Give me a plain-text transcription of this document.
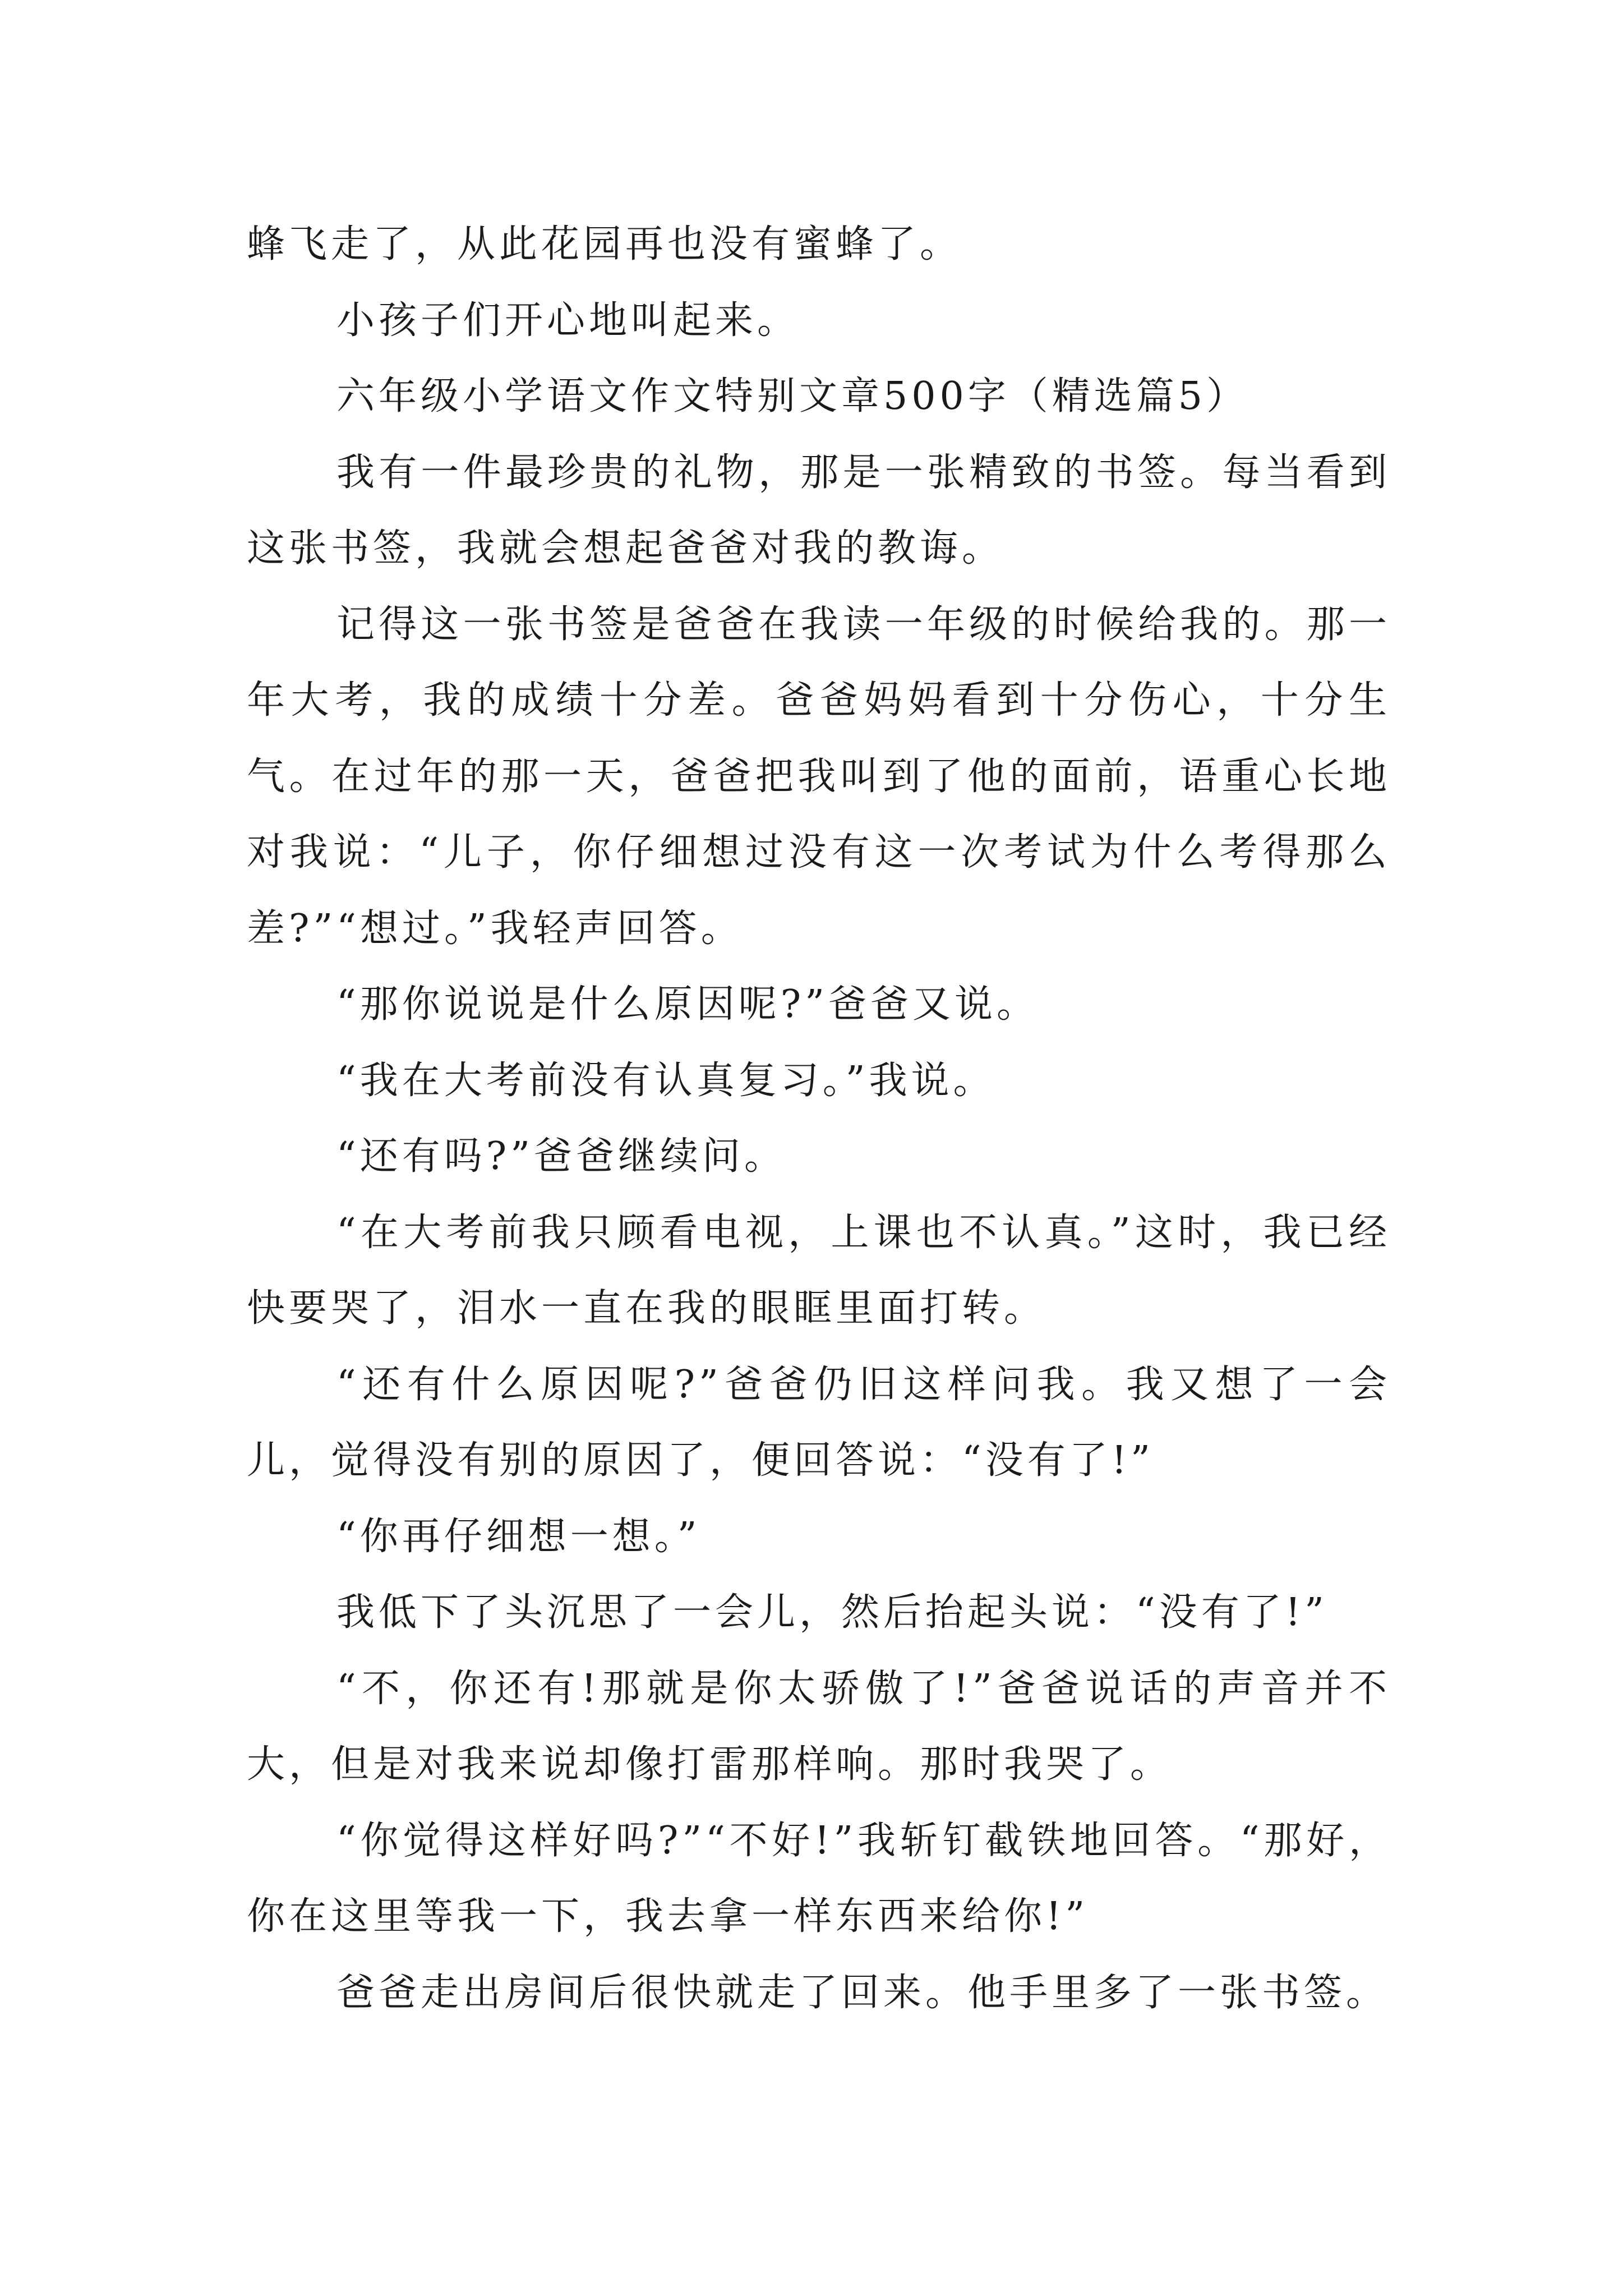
蜂飞走了，从此花园再也没有蜜蜂了。

小孩子们开心地叫起来。

六年级小学语文作文特别文章500字（精选篇5）

我有一件最珍贵的礼物，那是一张精致的书签。每当看到这张书签，我就会想起爸爸对我的教诲。

记得这一张书签是爸爸在我读一年级的时候给我的。那一年大考，我的成绩十分差。爸爸妈妈看到十分伤心，十分生气。在过年的那一天，爸爸把我叫到了他的面前，语重心长地对我说：“儿子，你仔细想过没有这一次考试为什么考得那么差?”“想过。”我轻声回答。

“那你说说是什么原因呢?”爸爸又说。

“我在大考前没有认真复习。”我说。

“还有吗?”爸爸继续问。

“在大考前我只顾看电视，上课也不认真。”这时，我已经快要哭了，泪水一直在我的眼眶里面打转。

“还有什么原因呢?”爸爸仍旧这样问我。我又想了一会儿，觉得没有别的原因了，便回答说：“没有了!”

“你再仔细想一想。”

我低下了头沉思了一会儿，然后抬起头说：“没有了!”

“不，你还有!那就是你太骄傲了!”爸爸说话的声音并不大，但是对我来说却像打雷那样响。那时我哭了。

“你觉得这样好吗?”“不好!”我斩钉截铁地回答。“那好，你在这里等我一下，我去拿一样东西来给你!”

爸爸走出房间后很快就走了回来。他手里多了一张书签。
